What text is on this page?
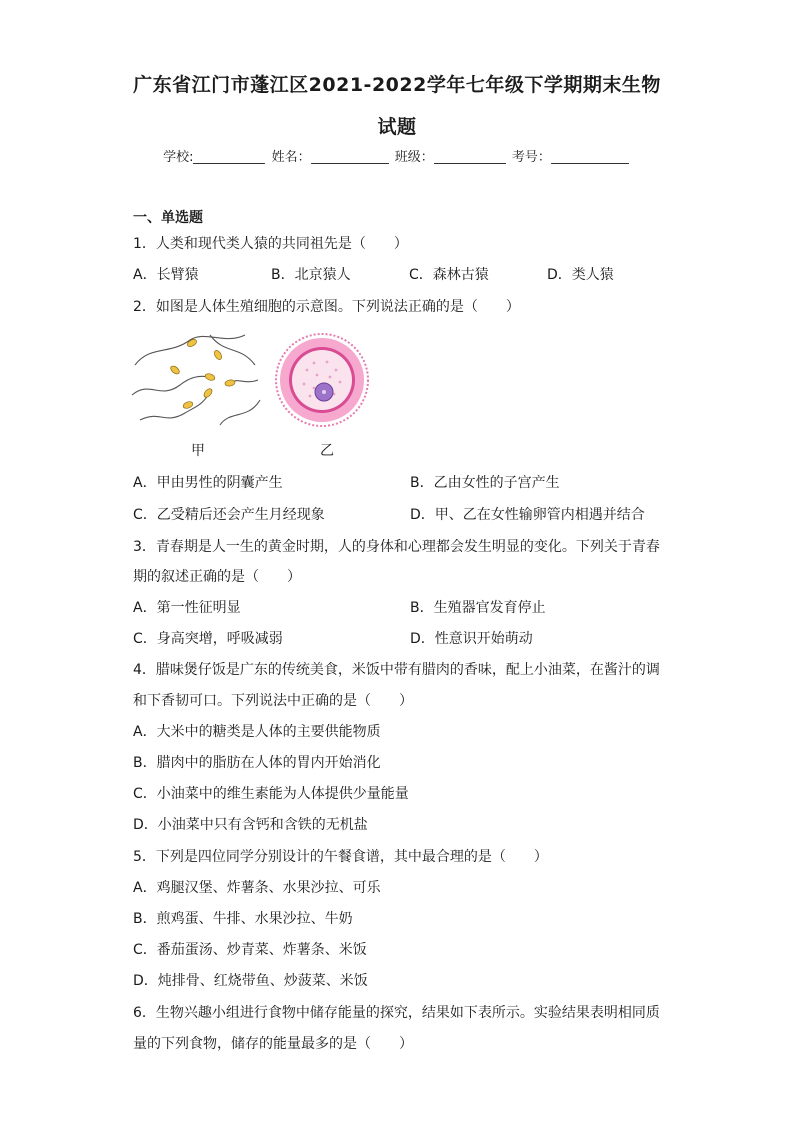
广东省江门市蓬江区2021-2022学年七年级下学期期末生物
试题
学校:	姓名：	班级：	考号：
一、单选题
1．人类和现代类人猿的共同祖先是（　　）
A．长臂猿	B．北京猿人	C．森林古猿	D．类人猿
2．如图是人体生殖细胞的示意图。下列说法正确的是（　　）
甲	乙
A．甲由男性的阴囊产生	B．乙由女性的子宫产生
C．乙受精后还会产生月经现象	D．甲、乙在女性输卵管内相遇并结合
3．青春期是人一生的黄金时期，人的身体和心理都会发生明显的变化。下列关于青春
期的叙述正确的是（　　）
A．第一性征明显	B．生殖器官发育停止
C．身高突增，呼吸减弱	D．性意识开始萌动
4．腊味煲仔饭是广东的传统美食，米饭中带有腊肉的香味，配上小油菜，在酱汁的调
和下香韧可口。下列说法中正确的是（　　）
A．大米中的糖类是人体的主要供能物质
B．腊肉中的脂肪在人体的胃内开始消化
C．小油菜中的维生素能为人体提供少量能量
D．小油菜中只有含钙和含铁的无机盐
5．下列是四位同学分别设计的午餐食谱，其中最合理的是（　　）
A．鸡腿汉堡、炸薯条、水果沙拉、可乐
B．煎鸡蛋、牛排、水果沙拉、牛奶
C．番茄蛋汤、炒青菜、炸薯条、米饭
D．炖排骨、红烧带鱼、炒菠菜、米饭
6．生物兴趣小组进行食物中储存能量的探究，结果如下表所示。实验结果表明相同质
量的下列食物，储存的能量最多的是（　　）
